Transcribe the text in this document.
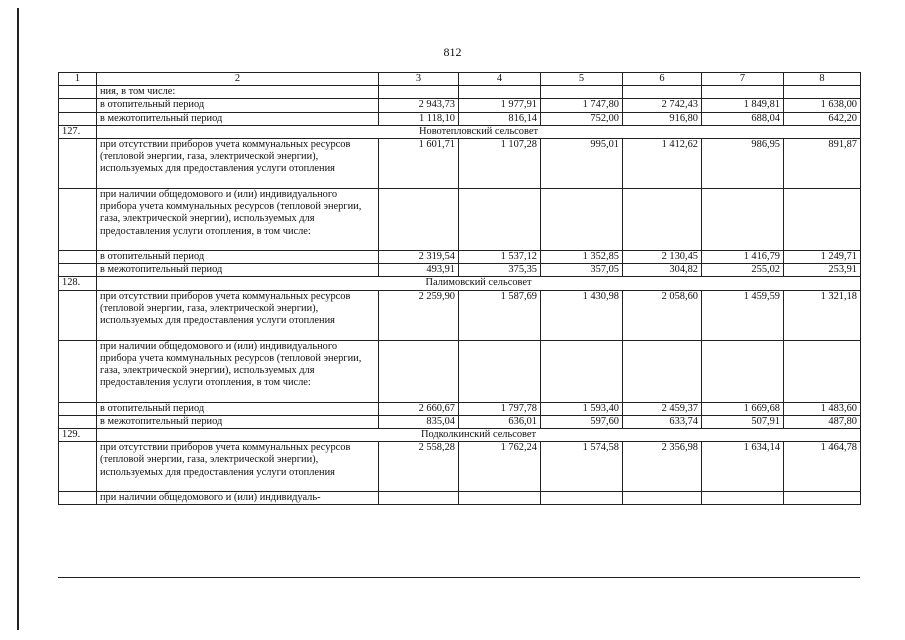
812
1	2	3	4	5	6	7	8
	ния, в том числе:						
	в отопительный период	2 943,73	1 977,91	1 747,80	2 742,43	1 849,81	1 638,00
	в межотопительный период	1 118,10	816,14	752,00	916,80	688,04	642,20
127.	Новотепловский сельсовет						
	при отсутствии приборов учета коммунальных ресурсов (тепловой энергии, газа, электрической энергии), используемых для предоставления услуги отопления	1 601,71	1 107,28	995,01	1 412,62	986,95	891,87
	при наличии общедомового и (или) индивидуального прибора учета коммунальных ресурсов (тепловой энергии, газа, электрической энергии), используемых для предоставления услуги отопления, в том числе:						
	в отопительный период	2 319,54	1 537,12	1 352,85	2 130,45	1 416,79	1 249,71
	в межотопительный период	493,91	375,35	357,05	304,82	255,02	253,91
128.	Палимовский сельсовет						
	при отсутствии приборов учета коммунальных ресурсов (тепловой энергии, газа, электрической энергии), используемых для предоставления услуги отопления	2 259,90	1 587,69	1 430,98	2 058,60	1 459,59	1 321,18
	при наличии общедомового и (или) индивидуального прибора учета коммунальных ресурсов (тепловой энергии, газа, электрической энергии), используемых для предоставления услуги отопления, в том числе:						
	в отопительный период	2 660,67	1 797,78	1 593,40	2 459,37	1 669,68	1 483,60
	в межотопительный период	835,04	636,01	597,60	633,74	507,91	487,80
129.	Подколкинский сельсовет						
	при отсутствии приборов учета коммунальных ресурсов (тепловой энергии, газа, электрической энергии), используемых для предоставления услуги отопления	2 558,28	1 762,24	1 574,58	2 356,98	1 634,14	1 464,78
	при наличии общедомового и (или) индивидуаль-						
